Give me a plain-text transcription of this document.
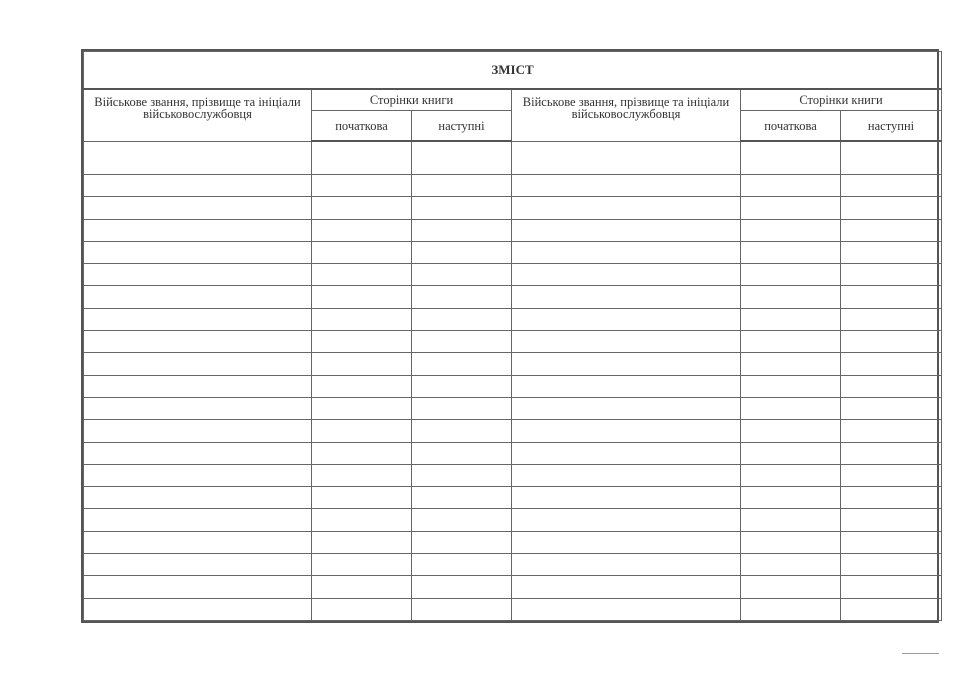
ЗМІСТ					
Військове звання, прізвище та ініціали військовослужбовця	Сторінки книги		Військове звання, прізвище та ініціали військовослужбовця	Сторінки книги	
	початкова	наступні		початкова	наступні
